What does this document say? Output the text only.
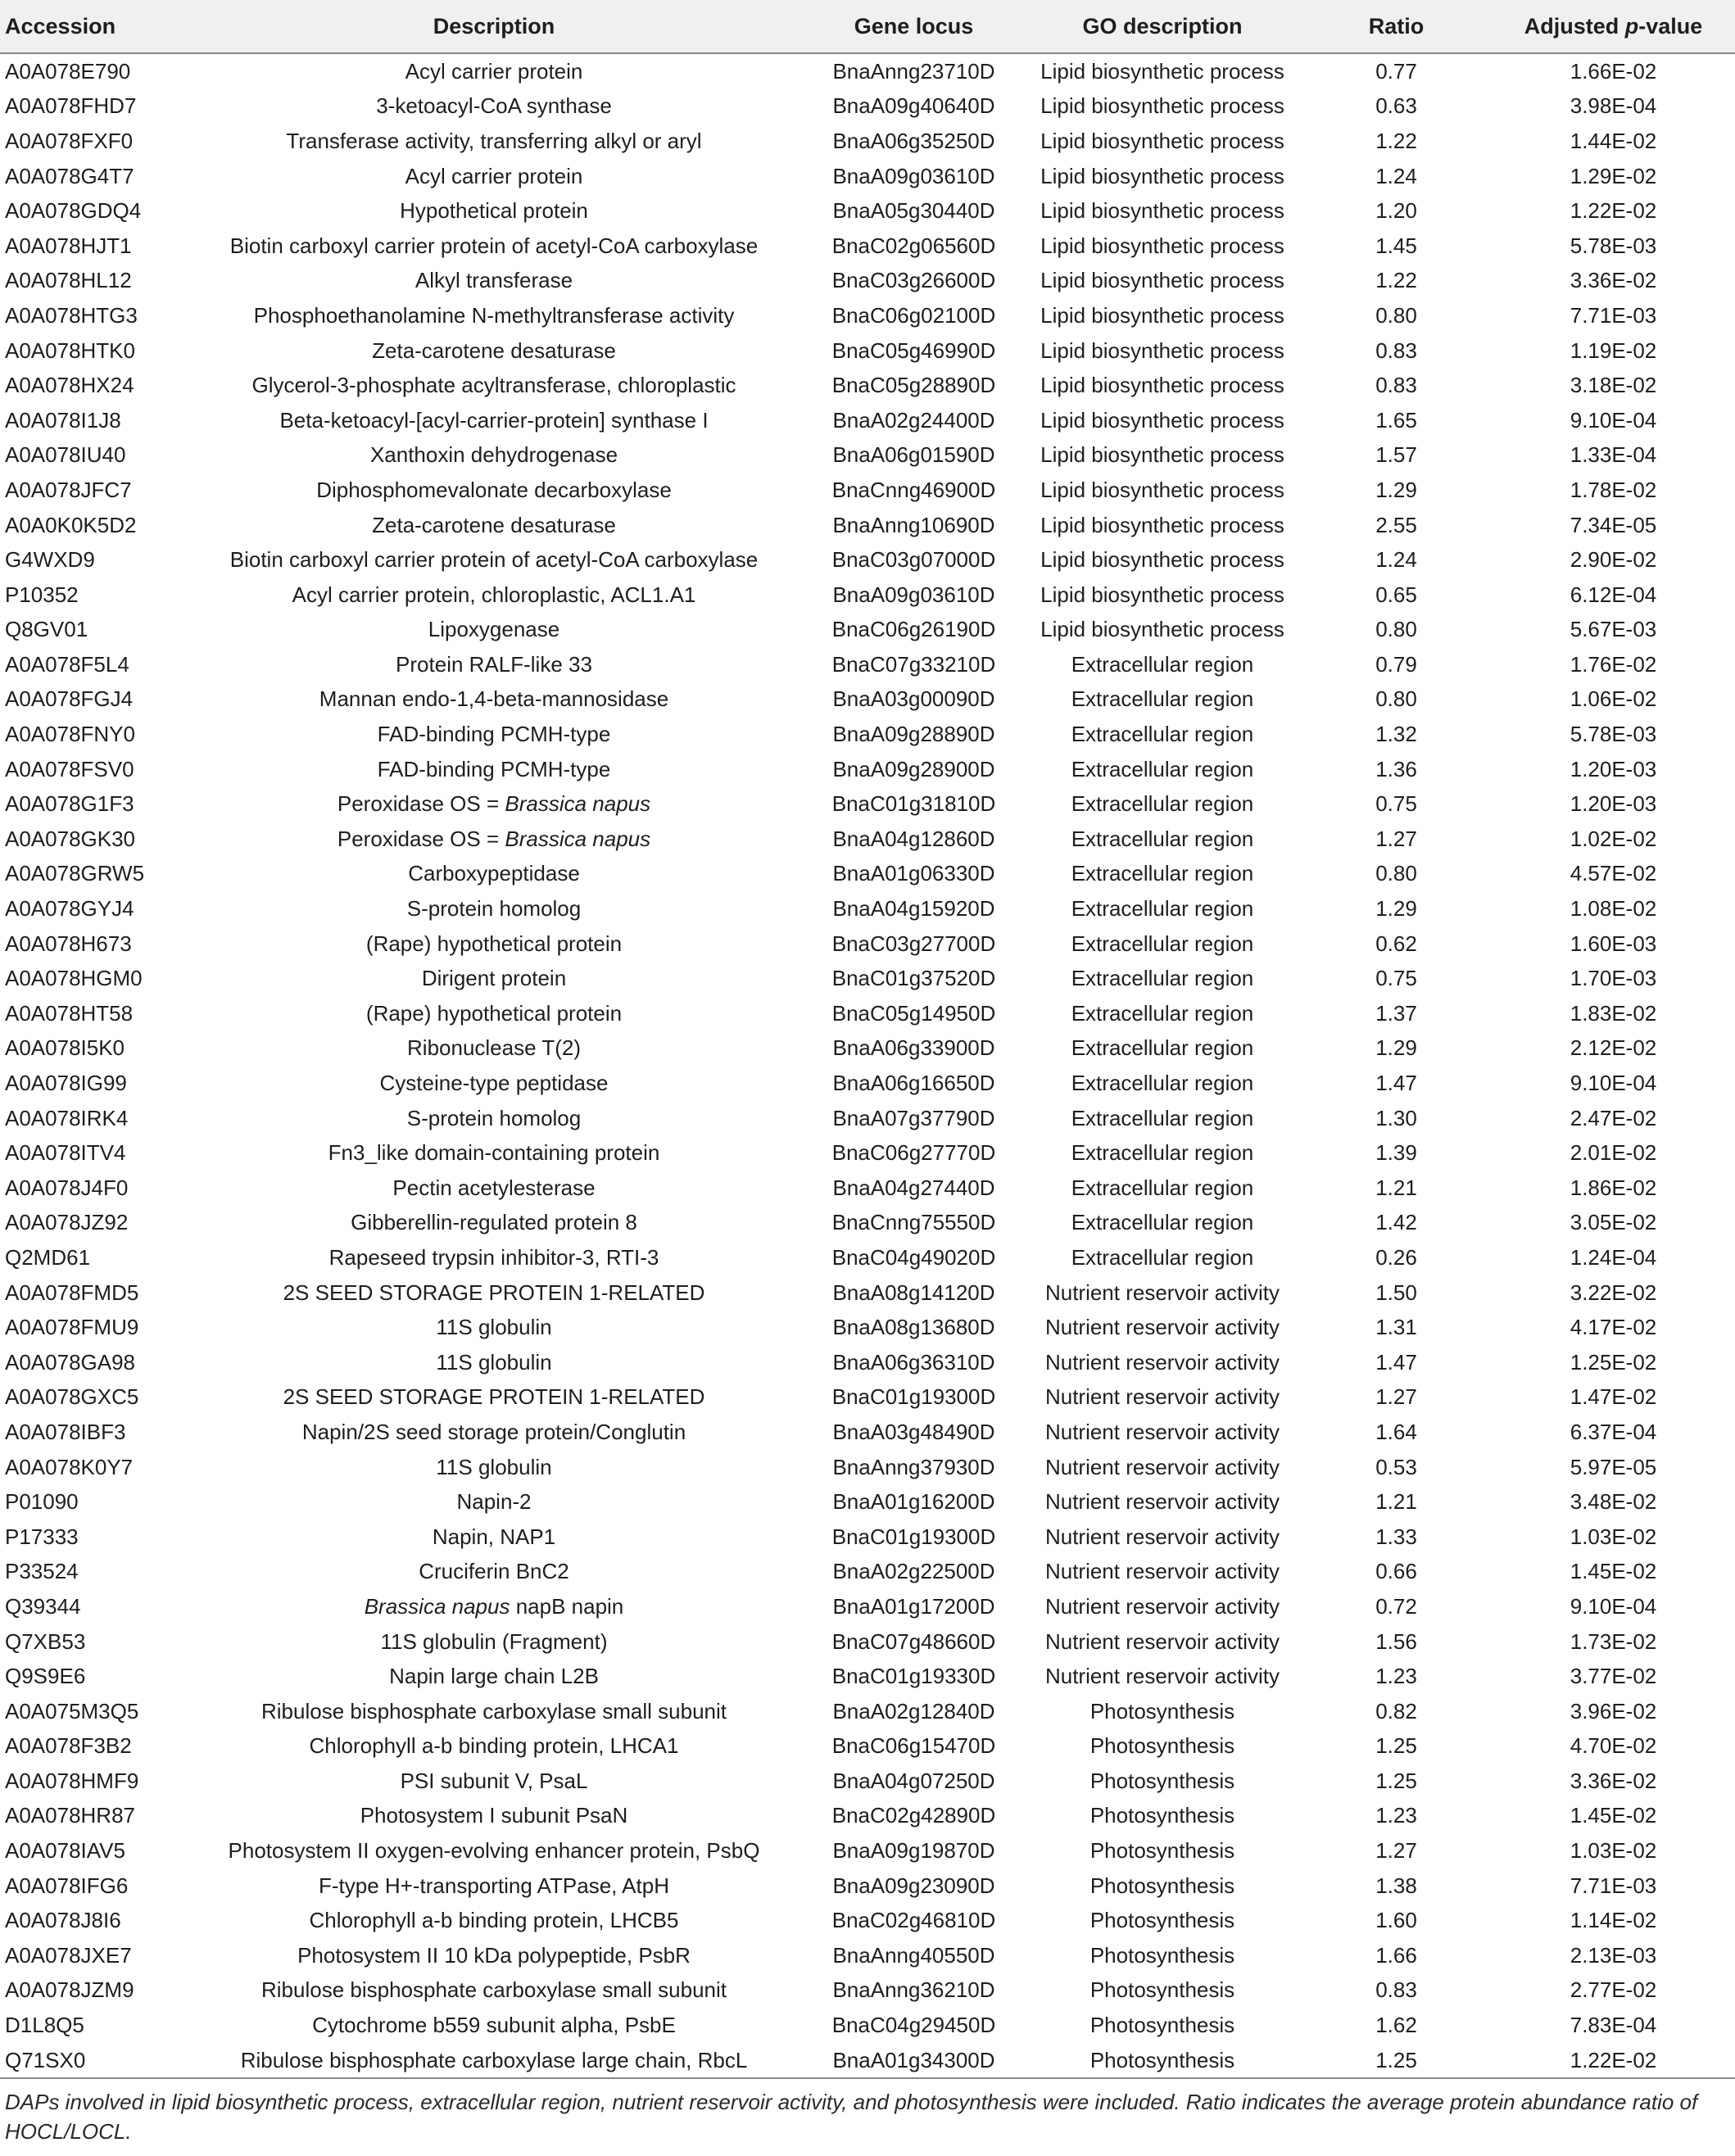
Accession	Description	Gene locus	GO description	Ratio	Adjusted p-value
A0A078E790	Acyl carrier protein	BnaAnng23710D	Lipid biosynthetic process	0.77	1.66E-02
A0A078FHD7	3-ketoacyl-CoA synthase	BnaA09g40640D	Lipid biosynthetic process	0.63	3.98E-04
A0A078FXF0	Transferase activity, transferring alkyl or aryl	BnaA06g35250D	Lipid biosynthetic process	1.22	1.44E-02
A0A078G4T7	Acyl carrier protein	BnaA09g03610D	Lipid biosynthetic process	1.24	1.29E-02
A0A078GDQ4	Hypothetical protein	BnaA05g30440D	Lipid biosynthetic process	1.20	1.22E-02
A0A078HJT1	Biotin carboxyl carrier protein of acetyl-CoA carboxylase	BnaC02g06560D	Lipid biosynthetic process	1.45	5.78E-03
A0A078HL12	Alkyl transferase	BnaC03g26600D	Lipid biosynthetic process	1.22	3.36E-02
A0A078HTG3	Phosphoethanolamine N-methyltransferase activity	BnaC06g02100D	Lipid biosynthetic process	0.80	7.71E-03
A0A078HTK0	Zeta-carotene desaturase	BnaC05g46990D	Lipid biosynthetic process	0.83	1.19E-02
A0A078HX24	Glycerol-3-phosphate acyltransferase, chloroplastic	BnaC05g28890D	Lipid biosynthetic process	0.83	3.18E-02
A0A078I1J8	Beta-ketoacyl-[acyl-carrier-protein] synthase I	BnaA02g24400D	Lipid biosynthetic process	1.65	9.10E-04
A0A078IU40	Xanthoxin dehydrogenase	BnaA06g01590D	Lipid biosynthetic process	1.57	1.33E-04
A0A078JFC7	Diphosphomevalonate decarboxylase	BnaCnng46900D	Lipid biosynthetic process	1.29	1.78E-02
A0A0K0K5D2	Zeta-carotene desaturase	BnaAnng10690D	Lipid biosynthetic process	2.55	7.34E-05
G4WXD9	Biotin carboxyl carrier protein of acetyl-CoA carboxylase	BnaC03g07000D	Lipid biosynthetic process	1.24	2.90E-02
P10352	Acyl carrier protein, chloroplastic, ACL1.A1	BnaA09g03610D	Lipid biosynthetic process	0.65	6.12E-04
Q8GV01	Lipoxygenase	BnaC06g26190D	Lipid biosynthetic process	0.80	5.67E-03
A0A078F5L4	Protein RALF-like 33	BnaC07g33210D	Extracellular region	0.79	1.76E-02
A0A078FGJ4	Mannan endo-1,4-beta-mannosidase	BnaA03g00090D	Extracellular region	0.80	1.06E-02
A0A078FNY0	FAD-binding PCMH-type	BnaA09g28890D	Extracellular region	1.32	5.78E-03
A0A078FSV0	FAD-binding PCMH-type	BnaA09g28900D	Extracellular region	1.36	1.20E-03
A0A078G1F3	Peroxidase OS = Brassica napus	BnaC01g31810D	Extracellular region	0.75	1.20E-03
A0A078GK30	Peroxidase OS = Brassica napus	BnaA04g12860D	Extracellular region	1.27	1.02E-02
A0A078GRW5	Carboxypeptidase	BnaA01g06330D	Extracellular region	0.80	4.57E-02
A0A078GYJ4	S-protein homolog	BnaA04g15920D	Extracellular region	1.29	1.08E-02
A0A078H673	(Rape) hypothetical protein	BnaC03g27700D	Extracellular region	0.62	1.60E-03
A0A078HGM0	Dirigent protein	BnaC01g37520D	Extracellular region	0.75	1.70E-03
A0A078HT58	(Rape) hypothetical protein	BnaC05g14950D	Extracellular region	1.37	1.83E-02
A0A078I5K0	Ribonuclease T(2)	BnaA06g33900D	Extracellular region	1.29	2.12E-02
A0A078IG99	Cysteine-type peptidase	BnaA06g16650D	Extracellular region	1.47	9.10E-04
A0A078IRK4	S-protein homolog	BnaA07g37790D	Extracellular region	1.30	2.47E-02
A0A078ITV4	Fn3_like domain-containing protein	BnaC06g27770D	Extracellular region	1.39	2.01E-02
A0A078J4F0	Pectin acetylesterase	BnaA04g27440D	Extracellular region	1.21	1.86E-02
A0A078JZ92	Gibberellin-regulated protein 8	BnaCnng75550D	Extracellular region	1.42	3.05E-02
Q2MD61	Rapeseed trypsin inhibitor-3, RTI-3	BnaC04g49020D	Extracellular region	0.26	1.24E-04
A0A078FMD5	2S SEED STORAGE PROTEIN 1-RELATED	BnaA08g14120D	Nutrient reservoir activity	1.50	3.22E-02
A0A078FMU9	11S globulin	BnaA08g13680D	Nutrient reservoir activity	1.31	4.17E-02
A0A078GA98	11S globulin	BnaA06g36310D	Nutrient reservoir activity	1.47	1.25E-02
A0A078GXC5	2S SEED STORAGE PROTEIN 1-RELATED	BnaC01g19300D	Nutrient reservoir activity	1.27	1.47E-02
A0A078IBF3	Napin/2S seed storage protein/Conglutin	BnaA03g48490D	Nutrient reservoir activity	1.64	6.37E-04
A0A078K0Y7	11S globulin	BnaAnng37930D	Nutrient reservoir activity	0.53	5.97E-05
P01090	Napin-2	BnaA01g16200D	Nutrient reservoir activity	1.21	3.48E-02
P17333	Napin, NAP1	BnaC01g19300D	Nutrient reservoir activity	1.33	1.03E-02
P33524	Cruciferin BnC2	BnaA02g22500D	Nutrient reservoir activity	0.66	1.45E-02
Q39344	Brassica napus napB napin	BnaA01g17200D	Nutrient reservoir activity	0.72	9.10E-04
Q7XB53	11S globulin (Fragment)	BnaC07g48660D	Nutrient reservoir activity	1.56	1.73E-02
Q9S9E6	Napin large chain L2B	BnaC01g19330D	Nutrient reservoir activity	1.23	3.77E-02
A0A075M3Q5	Ribulose bisphosphate carboxylase small subunit	BnaA02g12840D	Photosynthesis	0.82	3.96E-02
A0A078F3B2	Chlorophyll a-b binding protein, LHCA1	BnaC06g15470D	Photosynthesis	1.25	4.70E-02
A0A078HMF9	PSI subunit V, PsaL	BnaA04g07250D	Photosynthesis	1.25	3.36E-02
A0A078HR87	Photosystem I subunit PsaN	BnaC02g42890D	Photosynthesis	1.23	1.45E-02
A0A078IAV5	Photosystem II oxygen-evolving enhancer protein, PsbQ	BnaA09g19870D	Photosynthesis	1.27	1.03E-02
A0A078IFG6	F-type H+-transporting ATPase, AtpH	BnaA09g23090D	Photosynthesis	1.38	7.71E-03
A0A078J8I6	Chlorophyll a-b binding protein, LHCB5	BnaC02g46810D	Photosynthesis	1.60	1.14E-02
A0A078JXE7	Photosystem II 10 kDa polypeptide, PsbR	BnaAnng40550D	Photosynthesis	1.66	2.13E-03
A0A078JZM9	Ribulose bisphosphate carboxylase small subunit	BnaAnng36210D	Photosynthesis	0.83	2.77E-02
D1L8Q5	Cytochrome b559 subunit alpha, PsbE	BnaC04g29450D	Photosynthesis	1.62	7.83E-04
Q71SX0	Ribulose bisphosphate carboxylase large chain, RbcL	BnaA01g34300D	Photosynthesis	1.25	1.22E-02
DAPs involved in lipid biosynthetic process, extracellular region, nutrient reservoir activity, and photosynthesis were included. Ratio indicates the average protein abundance ratio of HOCL/LOCL.
